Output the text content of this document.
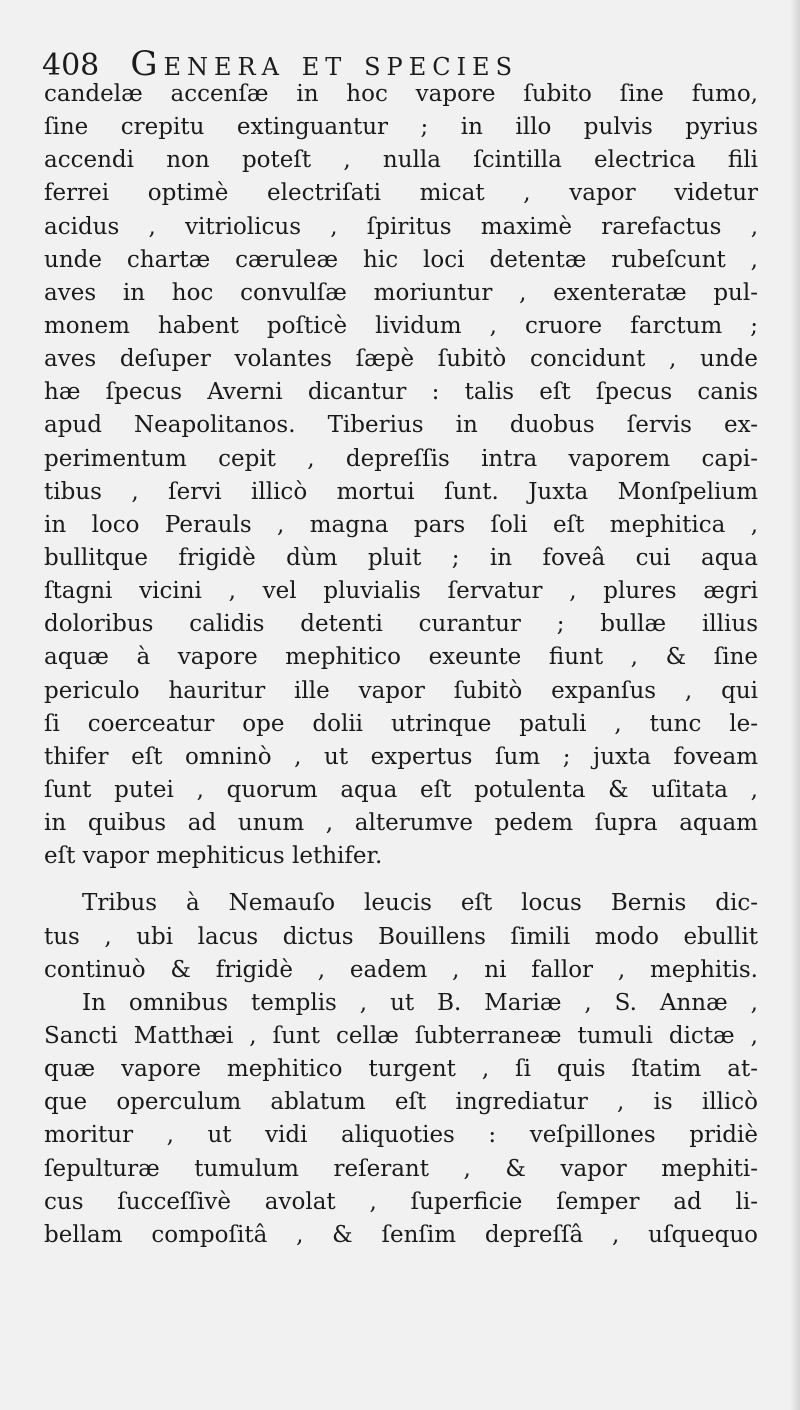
408 Genera et species
candelæ accenſæ in hoc vapore ſubito ſine fumo,
ſine crepitu extinguantur ; in illo pulvis pyrius
accendi non poteſt , nulla ſcintilla electrica fili
ferrei optimè electriſati micat , vapor videtur
acidus , vitriolicus , ſpiritus maximè rarefactus ,
unde chartæ cæruleæ hic loci detentæ rubeſcunt ,
aves in hoc convulſæ moriuntur , exenteratæ pul-
monem habent poſticè lividum , cruore farctum ;
aves deſuper volantes ſæpè ſubitò concidunt , unde
hæ ſpecus Averni dicantur : talis eſt ſpecus canis
apud Neapolitanos. Tiberius in duobus ſervis ex-
perimentum cepit , depreſſis intra vaporem capi-
tibus , ſervi illicò mortui ſunt. Juxta Monſpelium
in loco Perauls , magna pars ſoli eſt mephitica ,
bullitque frigidè dùm pluit ; in foveâ cui aqua
ſtagni vicini , vel pluvialis ſervatur , plures ægri
doloribus calidis detenti curantur ; bullæ illius
aquæ à vapore mephitico exeunte fiunt , & ſine
periculo hauritur ille vapor ſubitò expanſus , qui
ſi coerceatur ope dolii utrinque patuli , tunc le-
thifer eſt omninò , ut expertus ſum ; juxta foveam
ſunt putei , quorum aqua eſt potulenta & uſitata ,
in quibus ad unum , alterumve pedem ſupra aquam
eſt vapor mephiticus lethifer.
Tribus à Nemauſo leucis eſt locus Bernis dic-
tus , ubi lacus dictus Bouillens ſimili modo ebullit
continuò & frigidè , eadem , ni fallor , mephitis.
In omnibus templis , ut B. Mariæ , S. Annæ ,
Sancti Matthæi , ſunt cellæ ſubterraneæ tumuli dictæ ,
quæ vapore mephitico turgent , ſi quis ſtatim at-
que operculum ablatum eſt ingrediatur , is illicò
moritur , ut vidi aliquoties : veſpillones pridiè
ſepulturæ tumulum reſerant , & vapor mephiti-
cus ſucceſſivè avolat , ſuperficie ſemper ad li-
bellam compoſitâ , & ſenſim depreſſâ , uſquequo
